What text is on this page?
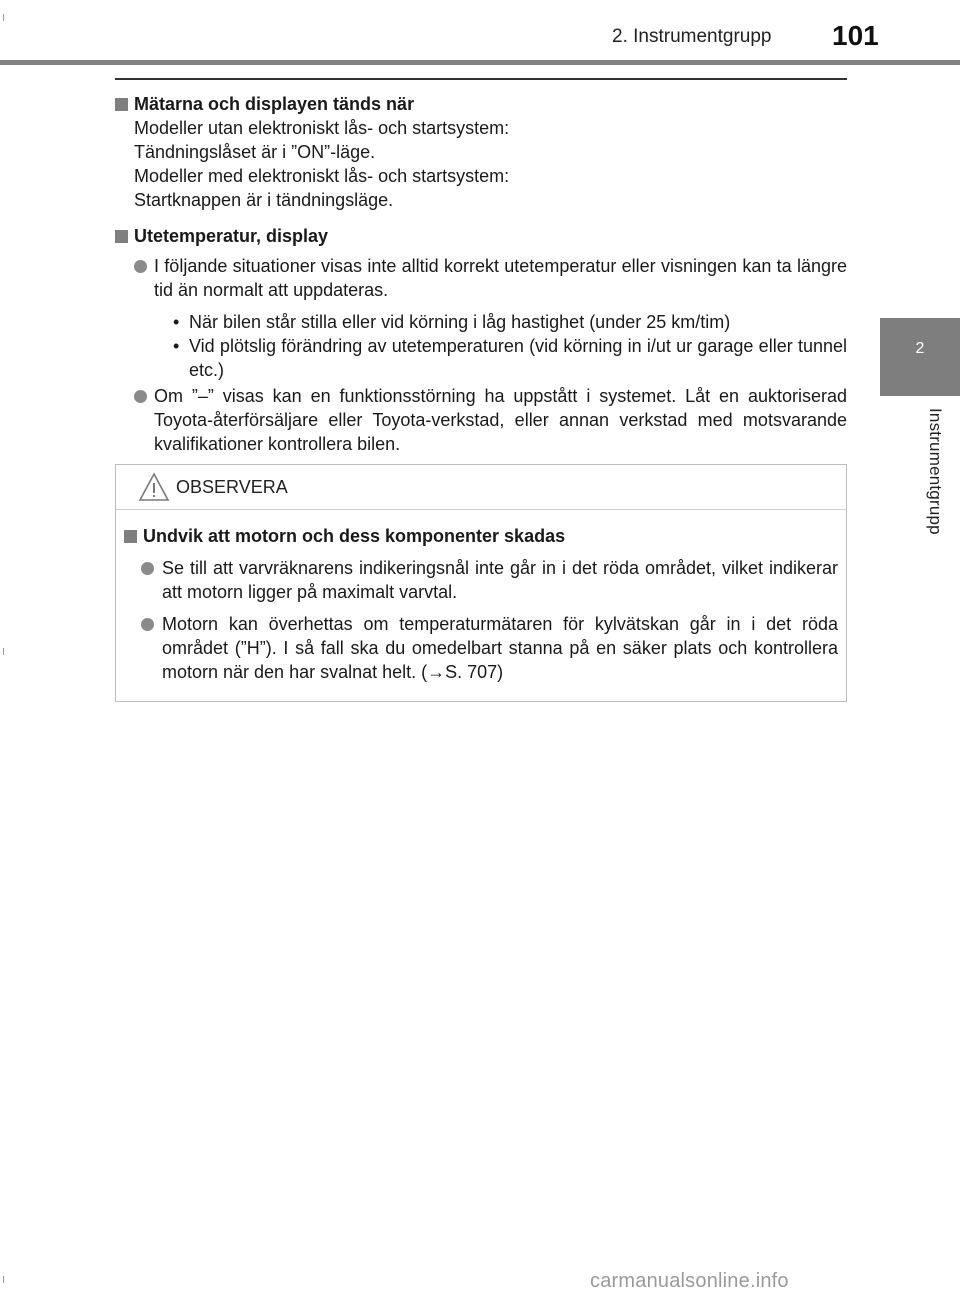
2. Instrumentgrupp 101
2
Instrumentgrupp
Mätarna och displayen tänds när
Modeller utan elektroniskt lås- och startsystem:
Tändningslåset är i ”ON”-läge.
Modeller med elektroniskt lås- och startsystem:
Startknappen är i tändningsläge.
Utetemperatur, display
I följande situationer visas inte alltid korrekt utetemperatur eller visningen kan ta längre tid än normalt att uppdateras.
• När bilen står stilla eller vid körning i låg hastighet (under 25 km/tim)
• Vid plötslig förändring av utetemperaturen (vid körning in i/ut ur garage eller tunnel etc.)
Om ”–” visas kan en funktionsstörning ha uppstått i systemet. Låt en auktoriserad Toyota-återförsäljare eller Toyota-verkstad, eller annan verkstad med motsvarande kvalifikationer kontrollera bilen.
OBSERVERA
Undvik att motorn och dess komponenter skadas
Se till att varvräknarens indikeringsnål inte går in i det röda området, vilket indikerar att motorn ligger på maximalt varvtal.
Motorn kan överhettas om temperaturmätaren för kylvätskan går in i det röda området (”H”). I så fall ska du omedelbart stanna på en säker plats och kontrollera motorn när den har svalnat helt. (→S. 707)
carmanualsonline.info
